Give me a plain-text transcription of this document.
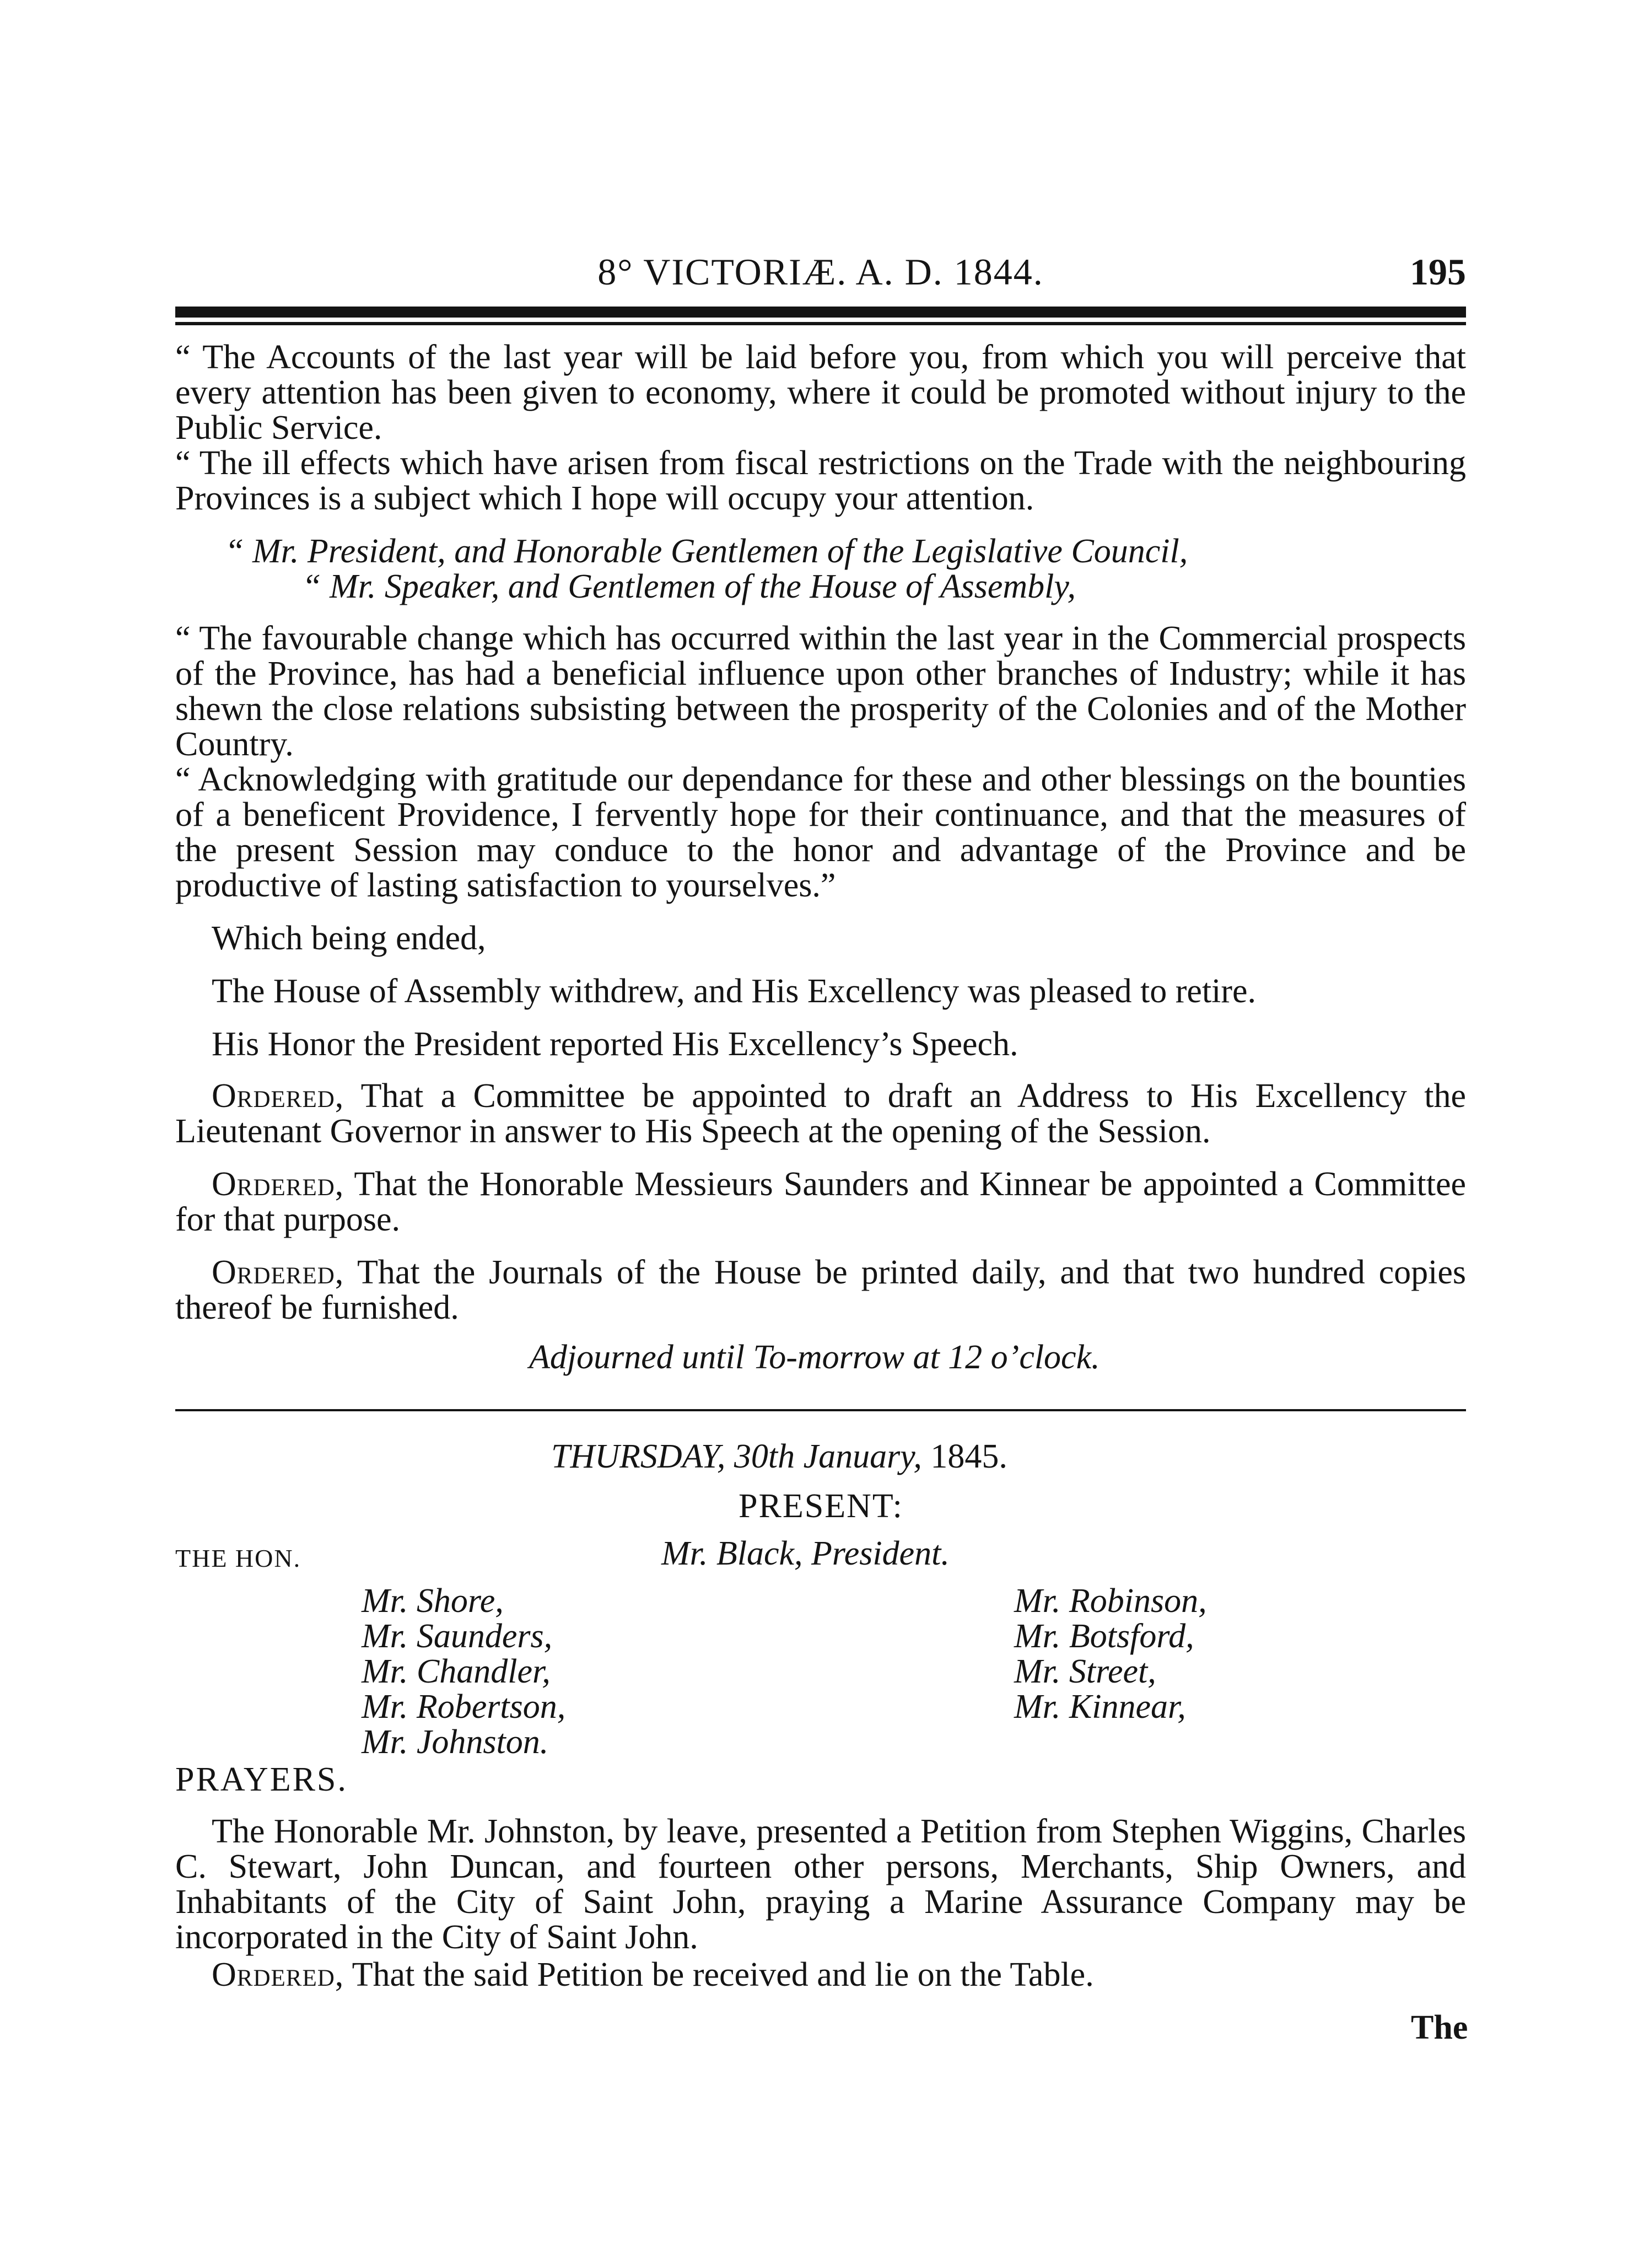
8° VICTORIÆ. A. D. 1844.	195
“ The Accounts of the last year will be laid before you, from which you will perceive that every attention has been given to economy, where it could be promoted without injury to the Public Service.
“ The ill effects which have arisen from fiscal restrictions on the Trade with the neighbouring Provinces is a subject which I hope will occupy your attention.
“ Mr. President, and Honorable Gentlemen of the Legislative Council,
“ Mr. Speaker, and Gentlemen of the House of Assembly,
“ The favourable change which has occurred within the last year in the Commercial prospects of the Province, has had a beneficial influence upon other branches of Industry; while it has shewn the close relations subsisting between the prosperity of the Colonies and of the Mother Country.
“ Acknowledging with gratitude our dependance for these and other blessings on the bounties of a beneficent Providence, I fervently hope for their continuance, and that the measures of the present Session may conduce to the honor and advantage of the Province and be productive of lasting satisfaction to yourselves.”
Which being ended,
The House of Assembly withdrew, and His Excellency was pleased to retire.
His Honor the President reported His Excellency’s Speech.
Ordered, That a Committee be appointed to draft an Address to His Excellency the Lieutenant Governor in answer to His Speech at the opening of the Session.
Ordered, That the Honorable Messieurs Saunders and Kinnear be appointed a Committee for that purpose.
Ordered, That the Journals of the House be printed daily, and that two hundred copies thereof be furnished.
Adjourned until To-morrow at 12 o’clock.
THURSDAY, 30th January, 1845.
PRESENT:
THE HON.	Mr. Black, President.
Mr. Shore,
Mr. Saunders,
Mr. Chandler,
Mr. Robertson,
Mr. Johnston.
Mr. Robinson,
Mr. Botsford,
Mr. Street,
Mr. Kinnear,
PRAYERS.
The Honorable Mr. Johnston, by leave, presented a Petition from Stephen Wiggins, Charles C. Stewart, John Duncan, and fourteen other persons, Merchants, Ship Owners, and Inhabitants of the City of Saint John, praying a Marine Assurance Company may be incorporated in the City of Saint John.
Ordered, That the said Petition be received and lie on the Table.
The
